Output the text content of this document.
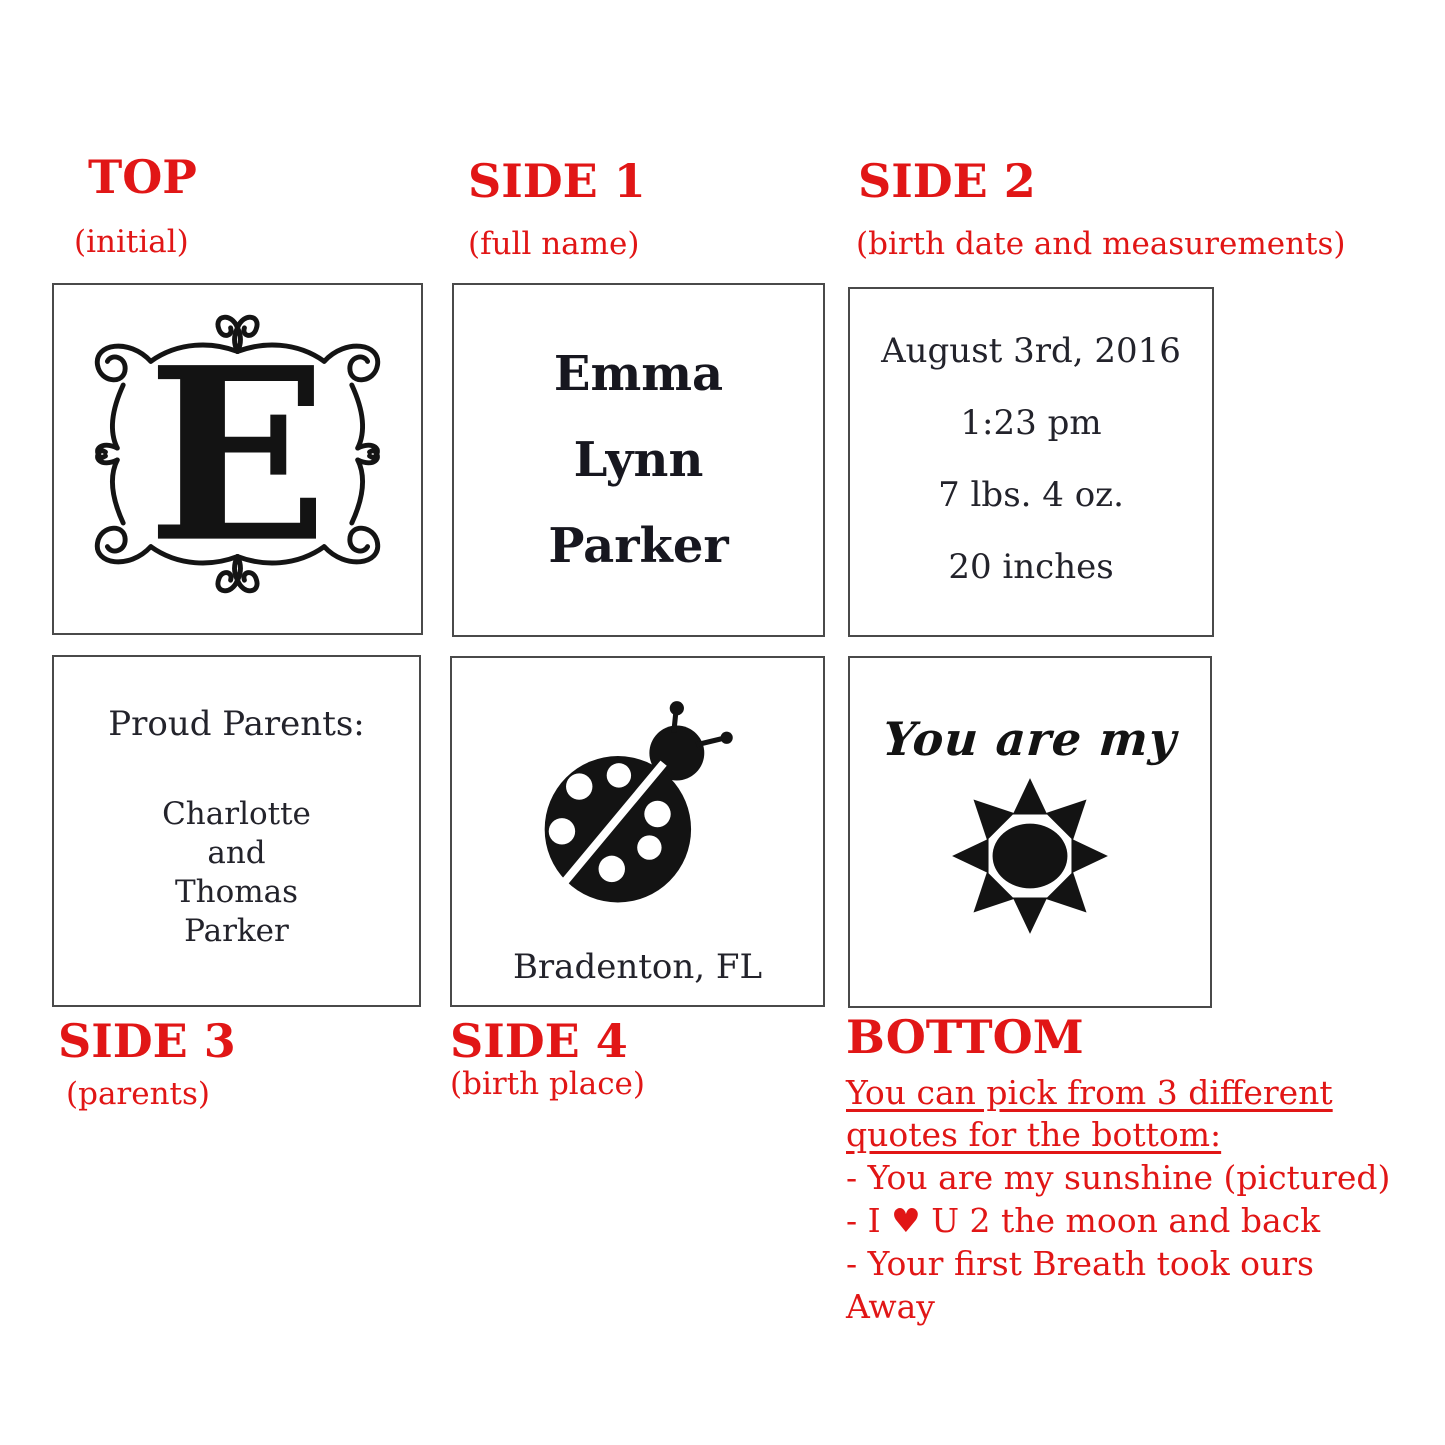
TOP
(initial)
SIDE 1
(full name)
SIDE 2
(birth date and measurements)
E	Emma
Lynn
Parker
August 3rd, 2016
1:23 pm
7 lbs. 4 oz.
20 inches
Proud Parents:
Charlotte
and
Thomas
Parker
Bradenton, FL
You are my
SIDE 3
(parents)
SIDE 4
(birth place)
BOTTOM
You can pick from 3 different
quotes for the bottom:
- You are my sunshine (pictured)
- I ♥ U 2 the moon and back
- Your first Breath took ours Away
